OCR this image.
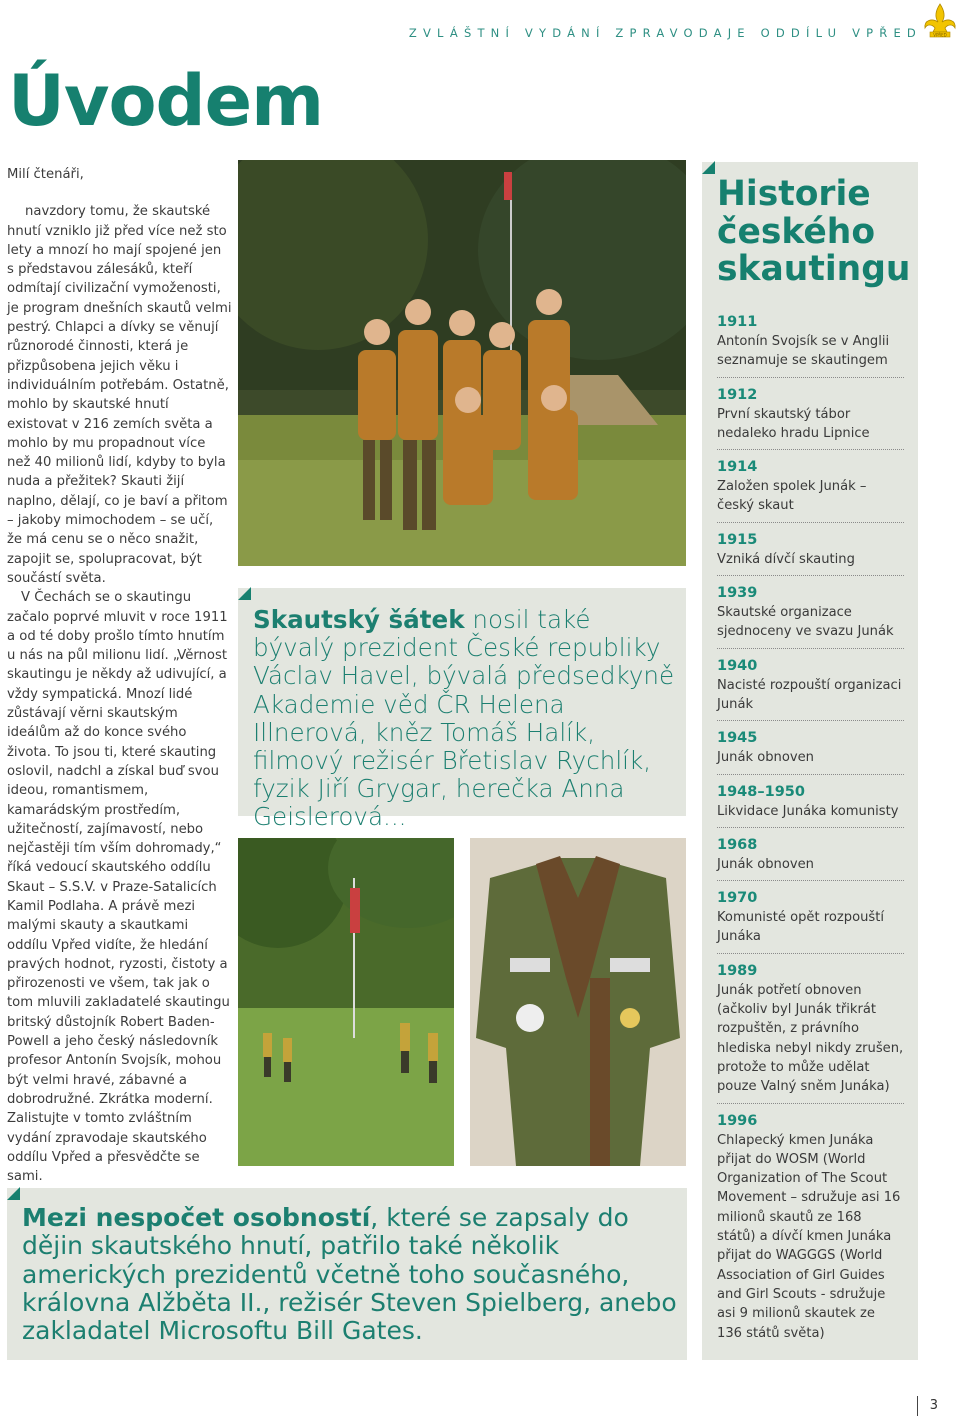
ZVLÁŠTNÍ VYDÁNÍ ZPRAVODAJE ODDÍLU VPŘED	VPŘED
Úvodem

Milí čtenáři,

navzdory tomu, že skautské hnutí vzniklo již před více než sto lety a mnozí ho mají spojené jen s představou zálesáků, kteří odmítají civilizační vymoženosti, je program dnešních skautů velmi pestrý. Chlapci a dívky se věnují různorodé činnosti, která je přizpůsobena jejich věku i individuálním potřebám. Ostatně, mohlo by skautské hnutí existovat v 216 zemích světa a mohlo by mu propadnout více než 40 milionů lidí, kdyby to byla nuda a přežitek? Skauti žijí naplno, dělají, co je baví a přitom – jakoby mimochodem – se učí, že má cenu se o něco snažit, zapojit se, spolupracovat, být součástí světa.

V Čechách se o skautingu začalo poprvé mluvit v roce 1911 a od té doby prošlo tímto hnutím u nás na půl milionu lidí. „Věrnost skautingu je někdy až udivující, a vždy sympatická. Mnozí lidé zůstávají věrni skautským ideálům až do konce svého života. To jsou ti, které skauting oslovil, nadchl a získal buď svou ideou, romantismem, kamarádským prostředím, užitečností, zajímavostí, nebo nejčastěji tím vším dohromady,“ říká vedoucí skautského oddílu Skaut – S.S.V. v Praze-Satalicích Kamil Podlaha. A právě mezi malými skauty a skautkami oddílu Vpřed vidíte, že hledání pravých hodnot, ryzosti, čistoty a přirozenosti ve všem, tak jak o tom mluvili zakladatelé skautingu britský důstojník Robert Baden-Powell a jeho český následovník profesor Antonín Svojsík, mohou být velmi hravé, zábavné a dobrodružné. Zkrátka moderní. Zalistujte v tomto zvláštním vydání zpravodaje skautského oddílu Vpřed a přesvědčte se sami.

Skautský šátek nosil také bývalý prezident České republiky Václav Havel, bývalá předsedkyně Akademie věd ČR Helena Illnerová, kněz Tomáš Halík, filmový režisér Břetislav Rychlík, fyzik Jiří Grygar, herečka Anna Geislerová...

Mezi nespočet osobností, které se zapsaly do dějin skautského hnutí, patřilo také několik amerických prezidentů včetně toho současného, královna Alžběta II., režisér Steven Spielberg, anebo zakladatel Microsoftu Bill Gates.

Historie českého skautingu
1911
Antonín Svojsík se v Anglii seznamuje se skautingem
1912
První skautský tábor nedaleko hradu Lipnice
1914
Založen spolek Junák – český skaut
1915
Vzniká dívčí skauting
1939
Skautské organizace sjednoceny ve svazu Junák
1940
Nacisté rozpouští organizaci Junák
1945
Junák obnoven
1948–1950
Likvidace Junáka komunisty
1968
Junák obnoven
1970
Komunisté opět rozpouští Junáka
1989
Junák potřetí obnoven (ačkoliv byl Junák třikrát rozpuštěn, z právního hlediska nebyl nikdy zrušen, protože to může udělat pouze Valný sněm Junáka)
1996
Chlapecký kmen Junáka přijat do WOSM (World Organization of The Scout Movement – sdružuje asi 16 milionů skautů ze 168 států) a dívčí kmen Junáka přijat do WAGGGS (World Association of Girl Guides and Girl Scouts - sdružuje asi 9 milionů skautek ze 136 států světa)
3
